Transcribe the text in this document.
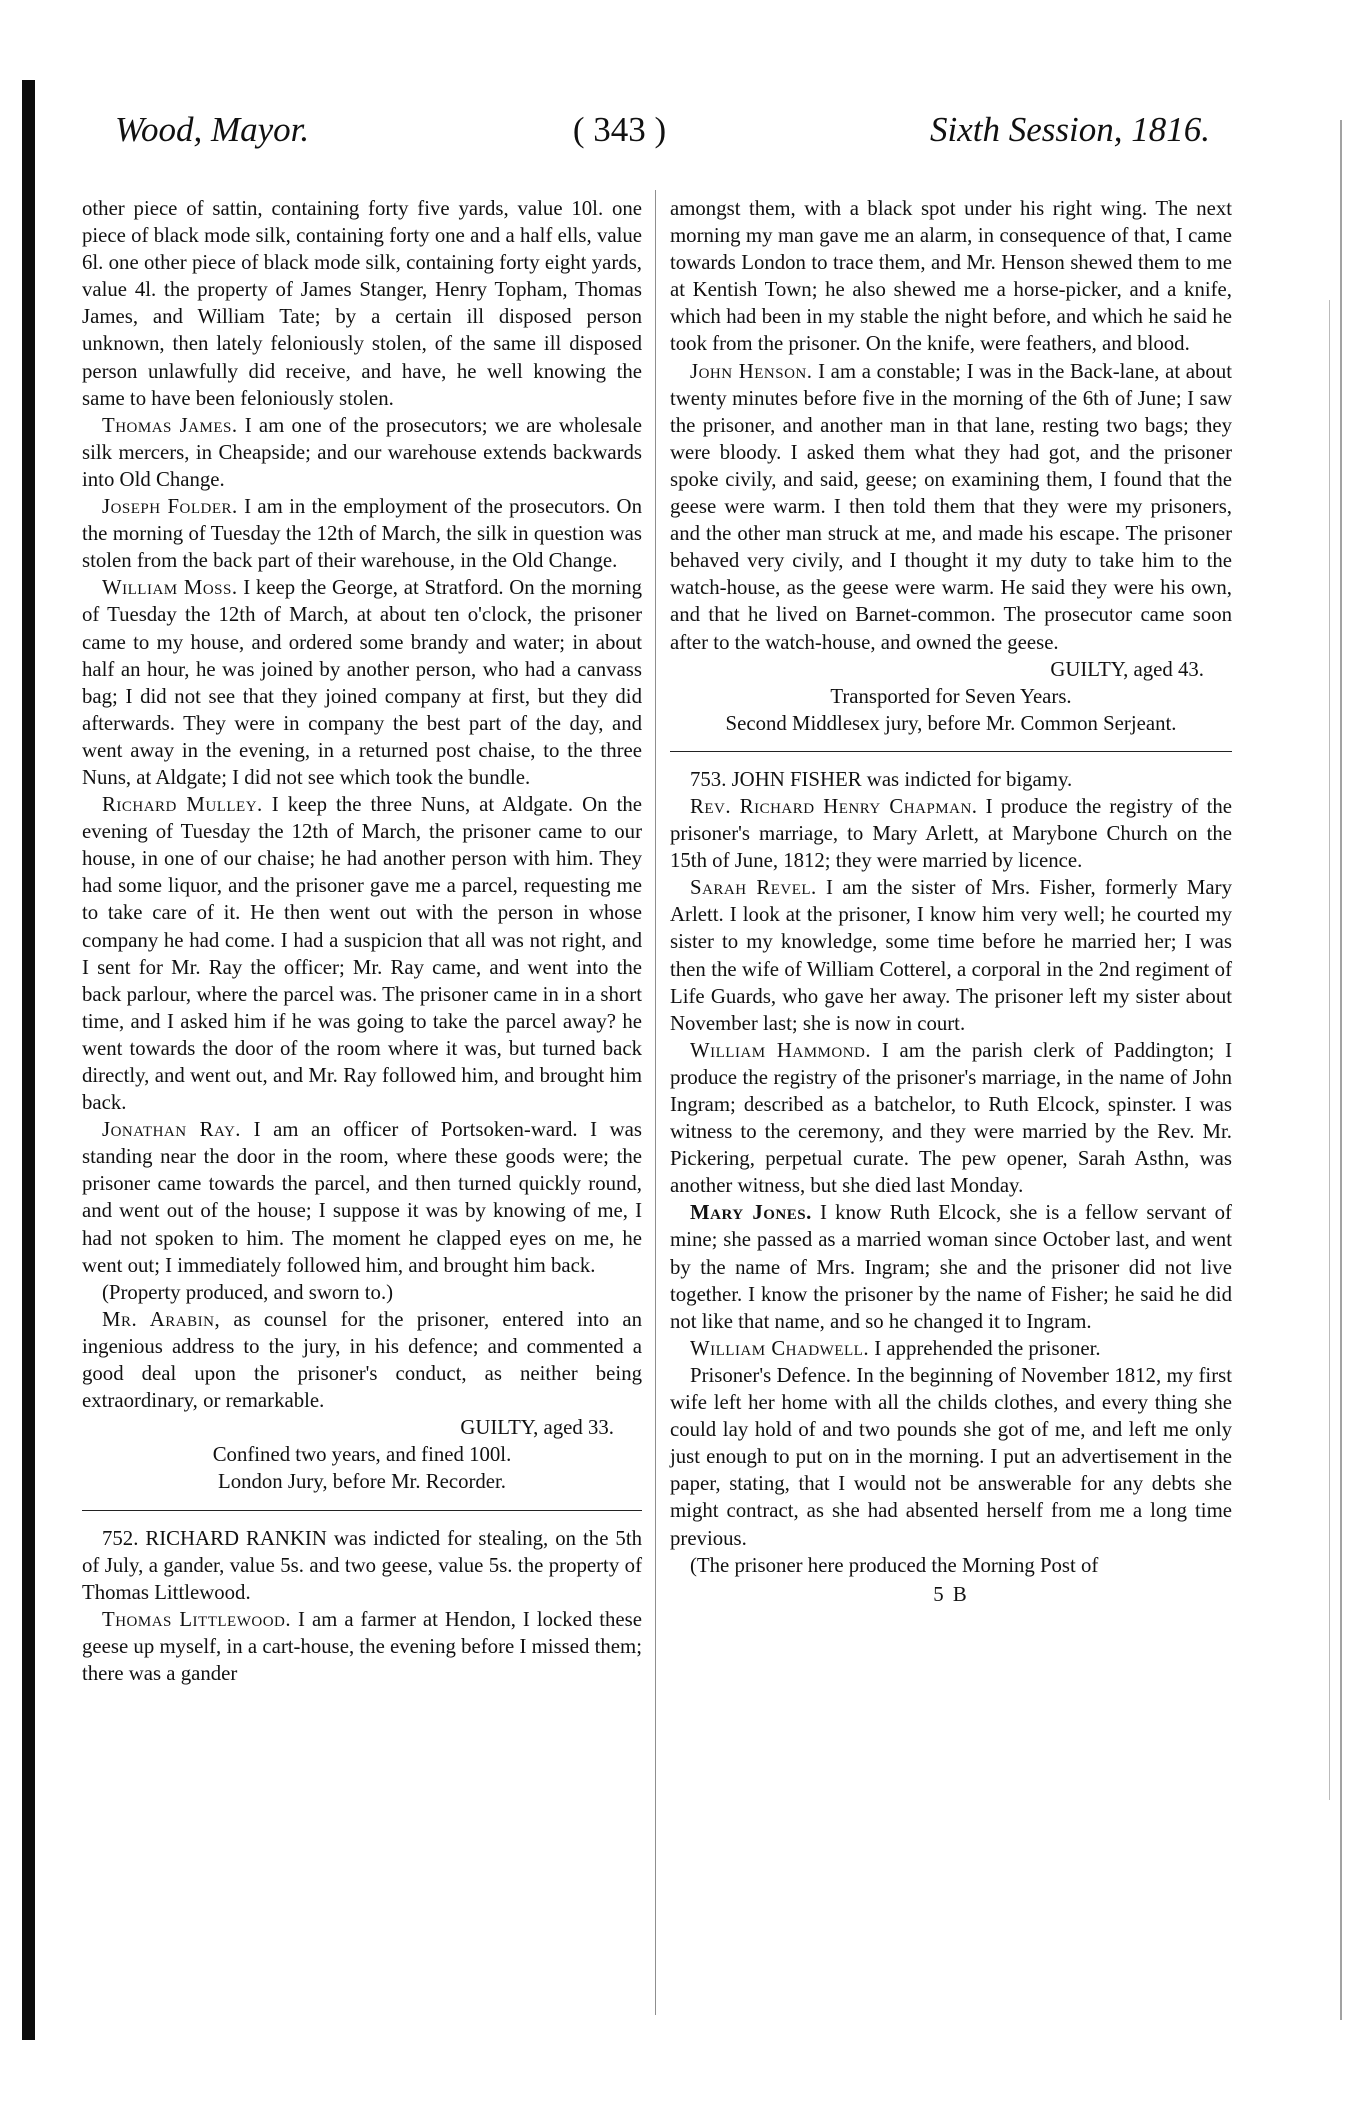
Wood, Mayor.	( 343 )	Sixth Session, 1816.

other piece of sattin, containing forty five yards, value 10l. one piece of black mode silk, containing forty one and a half ells, value 6l. one other piece of black mode silk, containing forty eight yards, value 4l. the property of James Stanger, Henry Topham, Thomas James, and William Tate; by a certain ill disposed person unknown, then lately feloniously stolen, of the same ill disposed person unlawfully did receive, and have, he well knowing the same to have been feloniously stolen.

Thomas James. I am one of the prosecutors; we are wholesale silk mercers, in Cheapside; and our warehouse extends backwards into Old Change.

Joseph Folder. I am in the employment of the prosecutors. On the morning of Tuesday the 12th of March, the silk in question was stolen from the back part of their warehouse, in the Old Change.

William Moss. I keep the George, at Stratford. On the morning of Tuesday the 12th of March, at about ten o'clock, the prisoner came to my house, and ordered some brandy and water; in about half an hour, he was joined by another person, who had a canvass bag; I did not see that they joined company at first, but they did afterwards. They were in company the best part of the day, and went away in the evening, in a returned post chaise, to the three Nuns, at Aldgate; I did not see which took the bundle.

Richard Mulley. I keep the three Nuns, at Aldgate. On the evening of Tuesday the 12th of March, the prisoner came to our house, in one of our chaise; he had another person with him. They had some liquor, and the prisoner gave me a parcel, requesting me to take care of it. He then went out with the person in whose company he had come. I had a suspicion that all was not right, and I sent for Mr. Ray the officer; Mr. Ray came, and went into the back parlour, where the parcel was. The prisoner came in in a short time, and I asked him if he was going to take the parcel away? he went towards the door of the room where it was, but turned back directly, and went out, and Mr. Ray followed him, and brought him back.

Jonathan Ray. I am an officer of Portsoken-ward. I was standing near the door in the room, where these goods were; the prisoner came towards the parcel, and then turned quickly round, and went out of the house; I suppose it was by knowing of me, I had not spoken to him. The moment he clapped eyes on me, he went out; I immediately followed him, and brought him back.

(Property produced, and sworn to.)

Mr. Arabin, as counsel for the prisoner, entered into an ingenious address to the jury, in his defence; and commented a good deal upon the prisoner's conduct, as neither being extraordinary, or remarkable.

GUILTY, aged 33.

Confined two years, and fined 100l.

London Jury, before Mr. Recorder.

752. RICHARD RANKIN was indicted for stealing, on the 5th of July, a gander, value 5s. and two geese, value 5s. the property of Thomas Littlewood.

Thomas Littlewood. I am a farmer at Hendon, I locked these geese up myself, in a cart-house, the evening before I missed them; there was a gander

amongst them, with a black spot under his right wing. The next morning my man gave me an alarm, in consequence of that, I came towards London to trace them, and Mr. Henson shewed them to me at Kentish Town; he also shewed me a horse-picker, and a knife, which had been in my stable the night before, and which he said he took from the prisoner. On the knife, were feathers, and blood.

John Henson. I am a constable; I was in the Back-lane, at about twenty minutes before five in the morning of the 6th of June; I saw the prisoner, and another man in that lane, resting two bags; they were bloody. I asked them what they had got, and the prisoner spoke civily, and said, geese; on examining them, I found that the geese were warm. I then told them that they were my prisoners, and the other man struck at me, and made his escape. The prisoner behaved very civily, and I thought it my duty to take him to the watch-house, as the geese were warm. He said they were his own, and that he lived on Barnet-common. The prosecutor came soon after to the watch-house, and owned the geese.

GUILTY, aged 43.

Transported for Seven Years.

Second Middlesex jury, before Mr. Common Serjeant.

753. JOHN FISHER was indicted for bigamy.

Rev. Richard Henry Chapman. I produce the registry of the prisoner's marriage, to Mary Arlett, at Marybone Church on the 15th of June, 1812; they were married by licence.

Sarah Revel. I am the sister of Mrs. Fisher, formerly Mary Arlett. I look at the prisoner, I know him very well; he courted my sister to my knowledge, some time before he married her; I was then the wife of William Cotterel, a corporal in the 2nd regiment of Life Guards, who gave her away. The prisoner left my sister about November last; she is now in court.

William Hammond. I am the parish clerk of Paddington; I produce the registry of the prisoner's marriage, in the name of John Ingram; described as a batchelor, to Ruth Elcock, spinster. I was witness to the ceremony, and they were married by the Rev. Mr. Pickering, perpetual curate. The pew opener, Sarah Asthn, was another witness, but she died last Monday.

Mary Jones. I know Ruth Elcock, she is a fellow servant of mine; she passed as a married woman since October last, and went by the name of Mrs. Ingram; she and the prisoner did not live together. I know the prisoner by the name of Fisher; he said he did not like that name, and so he changed it to Ingram.

William Chadwell. I apprehended the prisoner.

Prisoner's Defence. In the beginning of November 1812, my first wife left her home with all the childs clothes, and every thing she could lay hold of and two pounds she got of me, and left me only just enough to put on in the morning. I put an advertisement in the paper, stating, that I would not be answerable for any debts she might contract, as she had absented herself from me a long time previous.

(The prisoner here produced the Morning Post of

5 B
